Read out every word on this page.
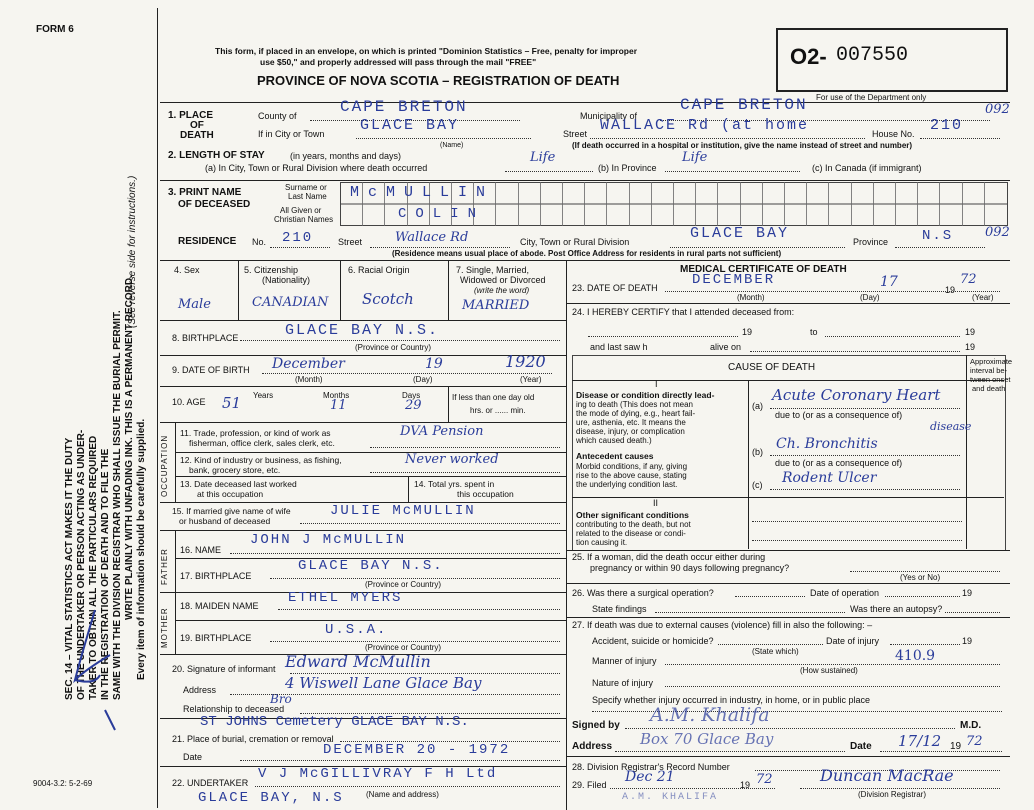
FORM 6
9004-3.2: 5-2-69
SEC. 14 – VITAL STATISTICS ACT MAKES IT THE DUTY OF THE UNDERTAKER OR PERSON ACTING AS UNDER- TAKER TO OBTAIN ALL THE PARTICULARS REQUIRED IN THE REGISTRATION OF DEATH AND TO FILE THE SAME WITH THE DIVISION REGISTRAR WHO SHALL ISSUE THE BURIAL PERMIT. WRITE PLAINLY WITH UNFADING INK. THIS IS A PERMANENT RECORD.
(See reverse side for instructions.)
Every item of information should be carefully supplied.
This form, if placed in an envelope, on which is printed "Dominion Statistics – Free, penalty for improper
use $50," and properly addressed will pass through the mail "FREE"
PROVINCE OF NOVA SCOTIA – REGISTRATION OF DEATH
O2- 007550
For use of the Department only
1. PLACE
OF
DEATH
County of	CAPE BRETON	Municipality of
CAPE BRETON	092
If in City or Town GLACE BAY
(Name)
Street WALLACE Rd (at home	House No. 210
(If death occurred in a hospital or institution, give the name instead of street and number)
2. LENGTH OF STAY	(in years, months and days)
(a) In City, Town or Rural Division where death occurred
Life
(b) In Province
Life
(c) In Canada (if immigrant)
3. PRINT NAME
OF DECEASED
Surname or
Last Name
All Given or
Christian Names
McMULLIN
COLIN
RESIDENCE No. 210	Street	Wallace Rd	City, Town or Rural Division	GLACE BAY	Province N.S 092
(Residence means usual place of abode. Post Office Address for residents in rural parts not sufficient)
4. Sex
Male
5. Citizenship
(Nationality)
CANADIAN
6. Racial Origin
Scotch
7. Single, Married,
Widowed or Divorced
(write the word)
MARRIED
8. BIRTHPLACE	GLACE BAY N.S.
(Province or Country)
9. DATE OF BIRTH December	19	1920
(Month)	(Day)	(Year)
10. AGE
Years	Months	Days
51	11	29
If less than one day old
hrs. or ...... min.
OCCUPATION
11. Trade, profession, or kind of work as
fisherman, office clerk, sales clerk, etc.
DVA Pension
12. Kind of industry or business, as fishing,
bank, grocery store, etc.
Never worked
13. Date deceased last worked
at this occupation
14. Total yrs. spent in
this occupation
15. If married give name of wife
or husband of deceased
JULIE McMULLIN
FATHER 16. NAME
JOHN J McMULLIN
17. BIRTHPLACE
GLACE BAY N.S.
(Province or Country)
MOTHER
18. MAIDEN NAME ETHEL MYERS
19. BIRTHPLACE	U.S.A.
(Province or Country)
20. Signature of informant Edward McMullin
Address	4 Wiswell Lane Glace Bay
Bro
Relationship to deceased
ST JOHNS Cemetery GLACE BAY N.S.
21. Place of burial, cremation or removal
Date	DECEMBER 20 - 1972
22. UNDERTAKER
V J McGILLIVRAY F H Ltd
GLACE BAY, N.S	(Name and address)
MEDICAL CERTIFICATE OF DEATH
23. DATE OF DEATH DECEMBER	17	19
72
(Month)	(Day)	(Year)
24. I HEREBY CERTIFY that I attended deceased from:
19	to	19
and last saw h	alive on	19
CAUSE OF DEATH
Approximate
interval be-
tween onset
and death
I
Disease or condition directly lead-
ing to death (This does not mean
the mode of dying, e.g., heart fail-
ure, asthenia, etc. It means the
disease, injury, or complication
which caused death.)
(a)
Acute Coronary Heart
due to (or as a consequence of)
disease
Antecedent causes
Morbid conditions, if any, giving
rise to the above cause, stating
the underlying condition last.
(b) Ch. Bronchitis
due to (or as a consequence of)
(c) Rodent Ulcer
II
Other significant conditions
contributing to the death, but not
related to the disease or condi-
tion causing it.
25. If a woman, did the death occur either during
pregnancy or within 90 days following pregnancy?
(Yes or No)
26. Was there a surgical operation?	Date of operation	19
State findings	Was there an autopsy?
27. If death was due to external causes (violence) fill in also the following: –
Accident, suicide or homicide?	Date of injury	19
(State which)
Manner of injury	410.9
(How sustained)
Nature of injury
Specify whether injury occurred in industry, in home, or in public place
Signed by A.M. Khalifa	M.D.
Address Box 70 Glace Bay	Date 17/12 19 72
28. Division Registrar's Record Number
29. Filed Dec 21	19 72	Duncan MacRae
(Division Registrar)
A.M. KHALIFA
